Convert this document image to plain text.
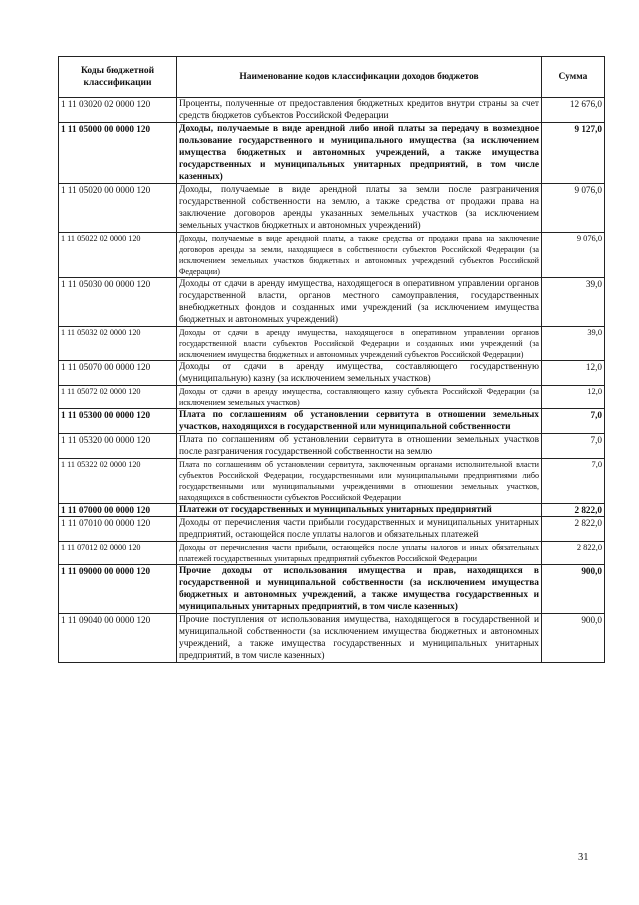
Коды бюджетной классификации	Наименование кодов классификации доходов бюджетов	Сумма
1 11 03020 02 0000 120	Проценты, полученные от предоставления бюджетных кредитов внутри страны за счет средств бюджетов субъектов Российской Федерации	12 676,0
1 11 05000 00 0000 120	Доходы, получаемые в виде арендной либо иной платы за передачу в возмездное пользование государственного и муниципального имущества (за исключением имущества бюджетных и автономных учреждений, а также имущества государственных и муниципальных унитарных предприятий, в том числе казенных)	9 127,0
1 11 05020 00 0000 120	Доходы, получаемые в виде арендной платы за земли после разграничения государственной собственности на землю, а также средства от продажи права на заключение договоров аренды указанных земельных участков (за исключением земельных участков бюджетных и автономных учреждений)	9 076,0
1 11 05022 02 0000 120	Доходы, получаемые в виде арендной платы, а также средства от продажи права на заключение договоров аренды за земли, находящиеся в собственности субъектов Российской Федерации (за исключением земельных участков бюджетных и автономных учреждений субъектов Российской Федерации)	9 076,0
1 11 05030 00 0000 120	Доходы от сдачи в аренду имущества, находящегося в оперативном управлении органов государственной власти, органов местного самоуправления, государственных внебюджетных фондов и созданных ими учреждений (за исключением имущества бюджетных и автономных учреждений)	39,0
1 11 05032 02 0000 120	Доходы от сдачи в аренду имущества, находящегося в оперативном управлении органов государственной власти субъектов Российской Федерации и созданных ими учреждений (за исключением имущества бюджетных и автономных учреждений субъектов Российской Федерации)	39,0
1 11 05070 00 0000 120	Доходы от сдачи в аренду имущества, составляющего государственную (муниципальную) казну (за исключением земельных участков)	12,0
1 11 05072 02 0000 120	Доходы от сдачи в аренду имущества, составляющего казну субъекта Российской Федерации (за исключением земельных участков)	12,0
1 11 05300 00 0000 120	Плата по соглашениям об установлении сервитута в отношении земельных участков, находящихся в государственной или муниципальной собственности	7,0
1 11 05320 00 0000 120	Плата по соглашениям об установлении сервитута в отношении земельных участков после разграничения государственной собственности на землю	7,0
1 11 05322 02 0000 120	Плата по соглашениям об установлении сервитута, заключенным органами исполнительной власти субъектов Российской Федерации, государственными или муниципальными предприятиями либо государственными или муниципальными учреждениями в отношении земельных участков, находящихся в собственности субъектов Российской Федерации	7,0
1 11 07000 00 0000 120	Платежи от государственных и муниципальных унитарных предприятий	2 822,0
1 11 07010 00 0000 120	Доходы от перечисления части прибыли государственных и муниципальных унитарных предприятий, остающейся после уплаты налогов и обязательных платежей	2 822,0
1 11 07012 02 0000 120	Доходы от перечисления части прибыли, остающейся после уплаты налогов и иных обязательных платежей государственных унитарных предприятий субъектов Российской Федерации	2 822,0
1 11 09000 00 0000 120	Прочие доходы от использования имущества и прав, находящихся в государственной и муниципальной собственности (за исключением имущества бюджетных и автономных учреждений, а также имущества государственных и муниципальных унитарных предприятий, в том числе казенных)	900,0
1 11 09040 00 0000 120	Прочие поступления от использования имущества, находящегося в государственной и муниципальной собственности (за исключением имущества бюджетных и автономных учреждений, а также имущества государственных и муниципальных унитарных предприятий, в том числе казенных)	900,0
31
